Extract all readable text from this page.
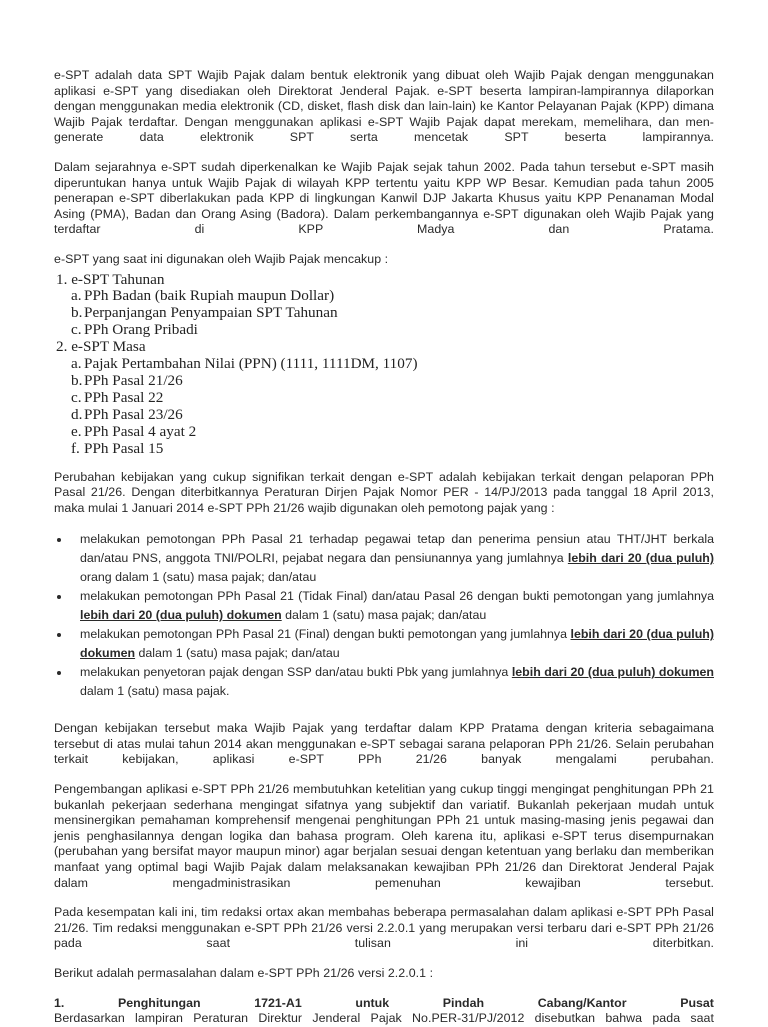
e-SPT adalah data SPT Wajib Pajak dalam bentuk elektronik yang dibuat oleh Wajib Pajak dengan menggunakan aplikasi e-SPT yang disediakan oleh Direktorat Jenderal Pajak. e-SPT beserta lampiran-lampirannya dilaporkan dengan menggunakan media elektronik (CD, disket, flash disk dan lain-lain) ke Kantor Pelayanan Pajak (KPP) dimana Wajib Pajak terdaftar. Dengan menggunakan aplikasi e-SPT Wajib Pajak dapat merekam, memelihara, dan men-generate data elektronik SPT serta mencetak SPT beserta lampirannya.

Dalam sejarahnya e-SPT sudah diperkenalkan ke Wajib Pajak sejak tahun 2002. Pada tahun tersebut e-SPT masih diperuntukan hanya untuk Wajib Pajak di wilayah KPP tertentu yaitu KPP WP Besar. Kemudian pada tahun 2005 penerapan e-SPT diberlakukan pada KPP di lingkungan Kanwil DJP Jakarta Khusus yaitu KPP Penanaman Modal Asing (PMA), Badan dan Orang Asing (Badora). Dalam perkembangannya e-SPT digunakan oleh Wajib Pajak yang terdaftar di KPP Madya dan Pratama.

e-SPT yang saat ini digunakan oleh Wajib Pajak mencakup :

1. e-SPT Tahunan
a. PPh Badan (baik Rupiah maupun Dollar)
b. Perpanjangan Penyampaian SPT Tahunan
c. PPh Orang Pribadi
2. e-SPT Masa
a. Pajak Pertambahan Nilai (PPN) (1111, 1111DM, 1107)
b. PPh Pasal 21/26
c. PPh Pasal 22
d. PPh Pasal 23/26
e. PPh Pasal 4 ayat 2
f. PPh Pasal 15

Perubahan kebijakan yang cukup signifikan terkait dengan e-SPT adalah kebijakan terkait dengan pelaporan PPh Pasal 21/26. Dengan diterbitkannya Peraturan Dirjen Pajak Nomor PER - 14/PJ/2013 pada tanggal 18 April 2013, maka mulai 1 Januari 2014 e-SPT PPh 21/26 wajib digunakan oleh pemotong pajak yang :

melakukan pemotongan PPh Pasal 21 terhadap pegawai tetap dan penerima pensiun atau THT/JHT berkala dan/atau PNS, anggota TNI/POLRI, pejabat negara dan pensiunannya yang jumlahnya lebih dari 20 (dua puluh) orang dalam 1 (satu) masa pajak; dan/atau
melakukan pemotongan PPh Pasal 21 (Tidak Final) dan/atau Pasal 26 dengan bukti pemotongan yang jumlahnya lebih dari 20 (dua puluh) dokumen dalam 1 (satu) masa pajak; dan/atau
melakukan pemotongan PPh Pasal 21 (Final) dengan bukti pemotongan yang jumlahnya lebih dari 20 (dua puluh) dokumen dalam 1 (satu) masa pajak; dan/atau
melakukan penyetoran pajak dengan SSP dan/atau bukti Pbk yang jumlahnya lebih dari 20 (dua puluh) dokumen dalam 1 (satu) masa pajak.

Dengan kebijakan tersebut maka Wajib Pajak yang terdaftar dalam KPP Pratama dengan kriteria sebagaimana tersebut di atas mulai tahun 2014 akan menggunakan e-SPT sebagai sarana pelaporan PPh 21/26. Selain perubahan terkait kebijakan, aplikasi e-SPT PPh 21/26 banyak mengalami perubahan.

Pengembangan aplikasi e-SPT PPh 21/26 membutuhkan ketelitian yang cukup tinggi mengingat penghitungan PPh 21 bukanlah pekerjaan sederhana mengingat sifatnya yang subjektif dan variatif. Bukanlah pekerjaan mudah untuk mensinergikan pemahaman komprehensif mengenai penghitungan PPh 21 untuk masing-masing jenis pegawai dan jenis penghasilannya dengan logika dan bahasa program. Oleh karena itu, aplikasi e-SPT terus disempurnakan (perubahan yang bersifat mayor maupun minor) agar berjalan sesuai dengan ketentuan yang berlaku dan memberikan manfaat yang optimal bagi Wajib Pajak dalam melaksanakan kewajiban PPh 21/26 dan Direktorat Jenderal Pajak dalam mengadministrasikan pemenuhan kewajiban tersebut.

Pada kesempatan kali ini, tim redaksi ortax akan membahas beberapa permasalahan dalam aplikasi e-SPT PPh Pasal 21/26. Tim redaksi menggunakan e-SPT PPh 21/26 versi 2.2.0.1 yang merupakan versi terbaru dari e-SPT PPh 21/26 pada saat tulisan ini diterbitkan.

Berikut adalah permasalahan dalam e-SPT PPh 21/26 versi 2.2.0.1 :

1.	Penghitungan	1721-A1	untuk	Pindah	Cabang/Kantor	Pusat

Berdasarkan lampiran Peraturan Direktur Jenderal Pajak No.PER-31/PJ/2012 disebutkan bahwa pada saat
